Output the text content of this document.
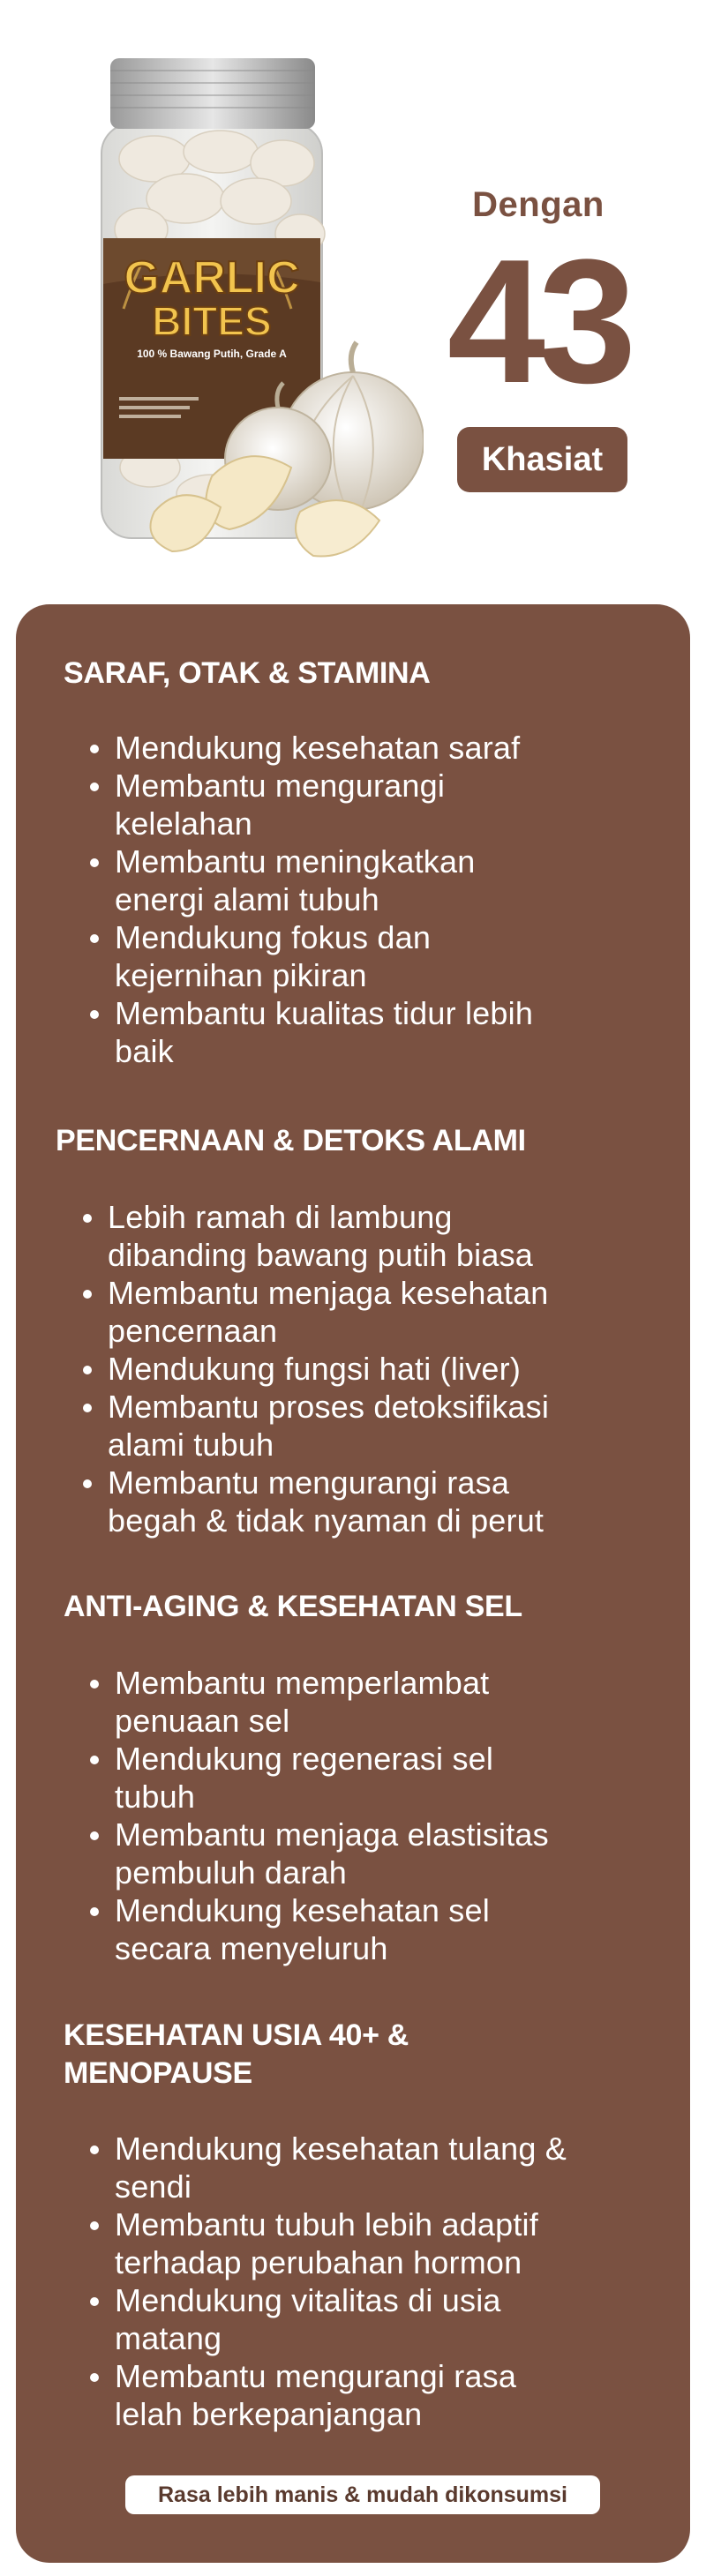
GARLIC
BITES
100 % Bawang Putih, Grade A
Dengan
43
Khasiat
SARAF, OTAK & STAMINA
Mendukung kesehatan saraf
Membantu mengurangi
kelelahan
Membantu meningkatkan
energi alami tubuh
Mendukung fokus dan
kejernihan pikiran
Membantu kualitas tidur lebih
baik
PENCERNAAN & DETOKS ALAMI
Lebih ramah di lambung
dibanding bawang putih biasa
Membantu menjaga kesehatan
pencernaan
Mendukung fungsi hati (liver)
Membantu proses detoksifikasi
alami tubuh
Membantu mengurangi rasa
begah & tidak nyaman di perut
ANTI-AGING & KESEHATAN SEL
Membantu memperlambat
penuaan sel
Mendukung regenerasi sel
tubuh
Membantu menjaga elastisitas
pembuluh darah
Mendukung kesehatan sel
secara menyeluruh
KESEHATAN USIA 40+ &
MENOPAUSE
Mendukung kesehatan tulang &
sendi
Membantu tubuh lebih adaptif
terhadap perubahan hormon
Mendukung vitalitas di usia
matang
Membantu mengurangi rasa
lelah berkepanjangan
Rasa lebih manis & mudah dikonsumsi
